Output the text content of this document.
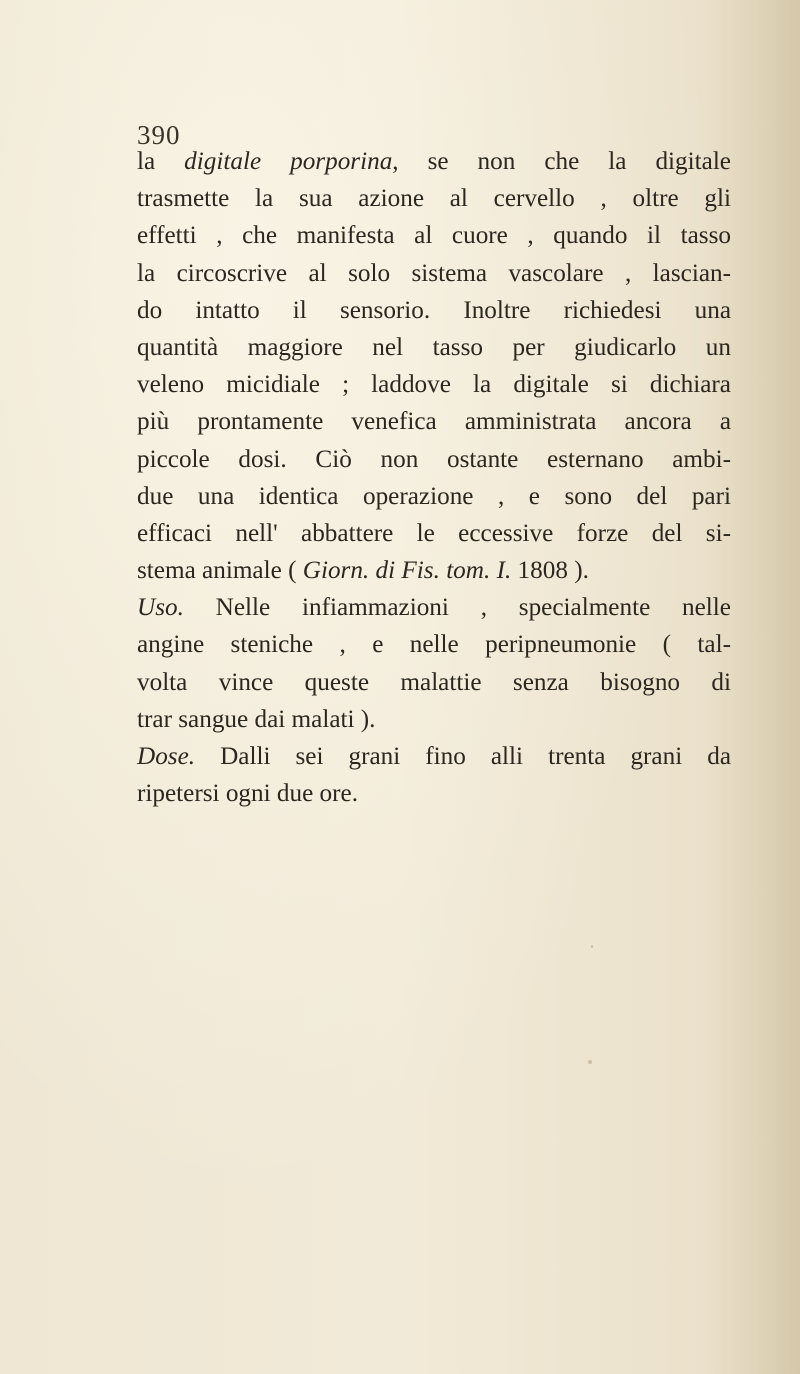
390
la digitale porporina, se non che la digitale
trasmette la sua azione al cervello , oltre gli
effetti , che manifesta al cuore , quando il tasso
la circoscrive al solo sistema vascolare , lascian-
do intatto il sensorio. Inoltre richiedesi una
quantità maggiore nel tasso per giudicarlo un
veleno micidiale ; laddove la digitale si dichiara
più prontamente venefica amministrata ancora a
piccole dosi. Ciò non ostante esternano ambi-
due una identica operazione , e sono del pari
efficaci nell' abbattere le eccessive forze del si-
stema animale ( Giorn. di Fis. tom. I. 1808 ).
Uso. Nelle infiammazioni , specialmente nelle
angine steniche , e nelle peripneumonie ( tal-
volta vince queste malattie senza bisogno di
trar sangue dai malati ).
Dose. Dalli sei grani fino alli trenta grani da
ripetersi ogni due ore.
